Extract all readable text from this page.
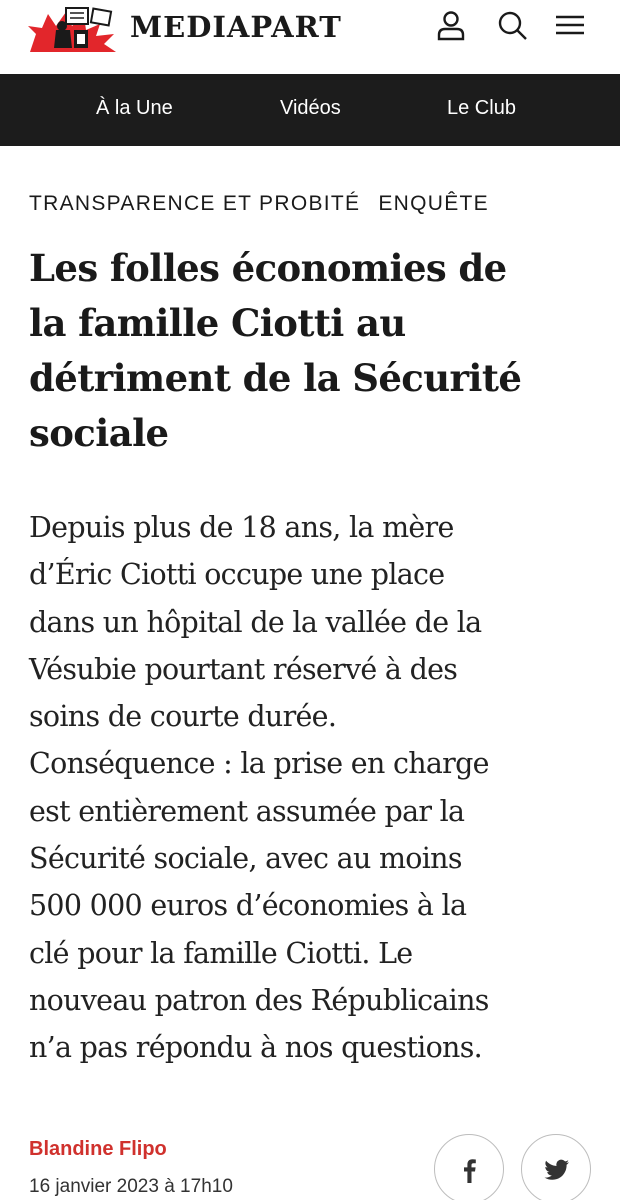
MEDIAPART
À la Une	Vidéos	Le Club
TRANSPARENCE ET PROBITÉ ENQUÊTE
Les folles économies de
la famille Ciotti au
détriment de la Sécurité
sociale
Depuis plus de 18 ans, la mère
d’Éric Ciotti occupe une place
dans un hôpital de la vallée de la
Vésubie pourtant réservé à des
soins de courte durée.
Conséquence : la prise en charge
est entièrement assumée par la
Sécurité sociale, avec au moins
500 000 euros d’économies à la
clé pour la famille Ciotti. Le
nouveau patron des Républicains
n’a pas répondu à nos questions.
Blandine Flipo
16 janvier 2023 à 17h10
